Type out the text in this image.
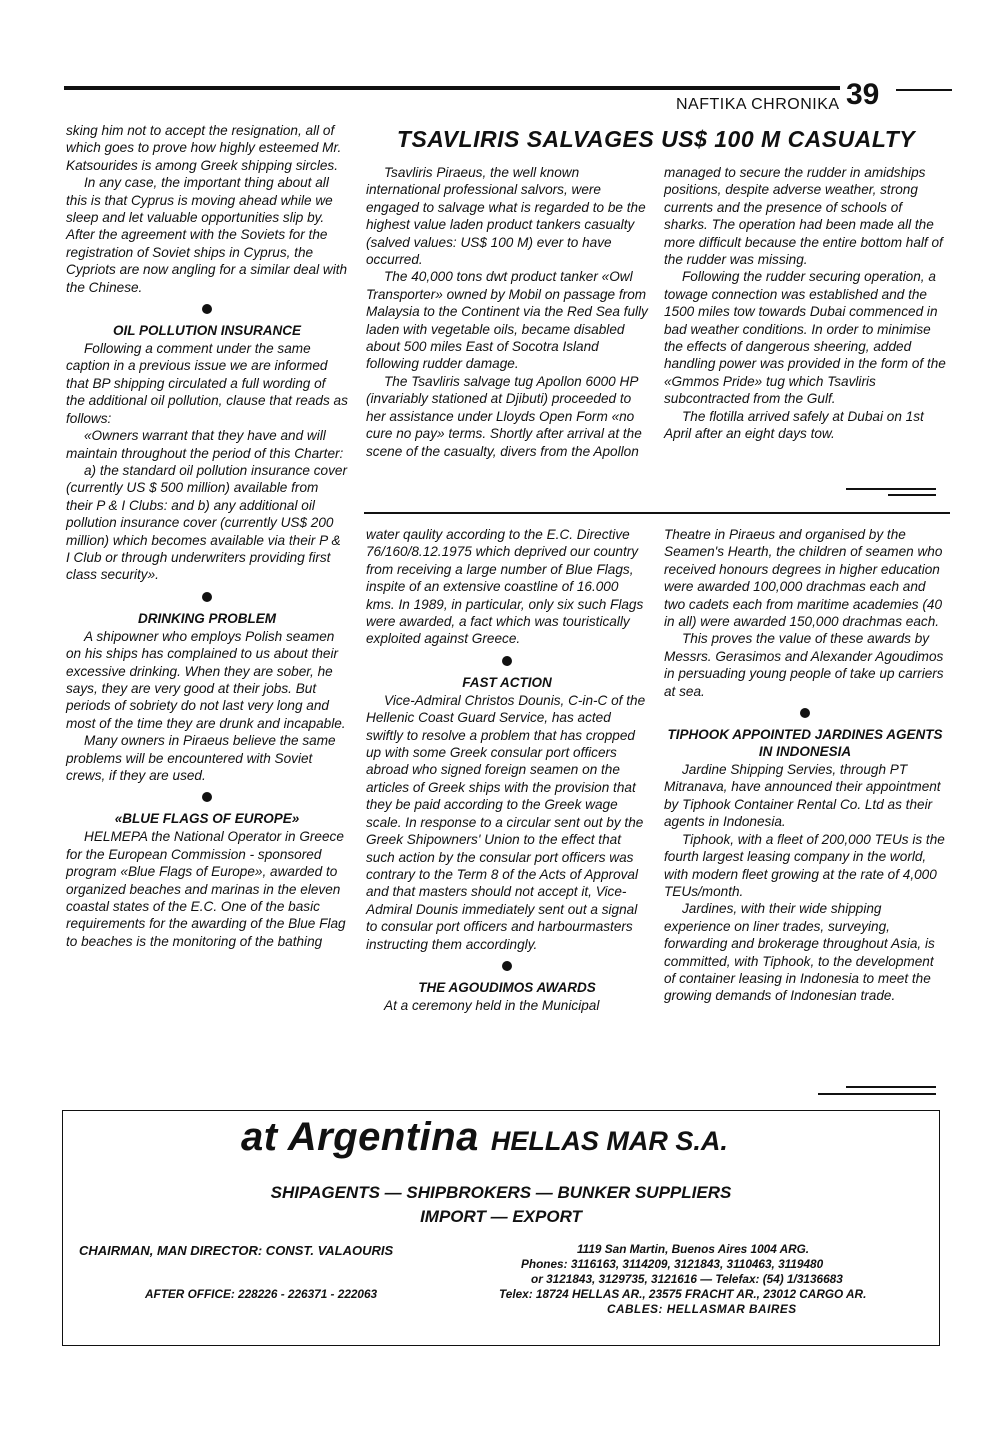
NAFTIKA CHRONIKA 39
TSAVLIRIS SALVAGES US$ 100 M CASUALTY

sking him not to accept the resignation, all of which goes to prove how highly esteemed Mr. Katsourides is among Greek shipping sircles.

In any case, the important thing about all this is that Cyprus is moving ahead while we sleep and let valuable opportunities slip by. After the agreement with the Soviets for the registration of Soviet ships in Cyprus, the Cypriots are now angling for a similar deal with the Chinese.

OIL POLLUTION INSURANCE

Following a comment under the same caption in a previous issue we are informed that BP shipping circulated a full wording of the additional oil pollution, clause that reads as follows:

«Owners warrant that they have and will maintain throughout the period of this Charter:

a) the standard oil pollution insurance cover (currently US $ 500 million) available from their P & I Clubs: and b) any additional oil pollution insurance cover (currently US$ 200 million) which becomes available via their P & I Club or through underwriters providing first class security».

DRINKING PROBLEM

A shipowner who employs Polish seamen on his ships has complained to us about their excessive drinking. When they are sober, he says, they are very good at their jobs. But periods of sobriety do not last very long and most of the time they are drunk and incapable.

Many owners in Piraeus believe the same problems will be encountered with Soviet crews, if they are used.

«BLUE FLAGS OF EUROPE»

HELMEPA the National Operator in Greece for the European Commission - sponsored program «Blue Flags of Europe», awarded to organized beaches and marinas in the eleven coastal states of the E.C. One of the basic requirements for the awarding of the Blue Flag to beaches is the monitoring of the bathing

Tsavliris Piraeus, the well known international professional salvors, were engaged to salvage what is regarded to be the highest value laden product tankers casualty (salved values: US$ 100 M) ever to have occurred.

The 40,000 tons dwt product tanker «Owl Transporter» owned by Mobil on passage from Malaysia to the Continent via the Red Sea fully laden with vegetable oils, became disabled about 500 miles East of Socotra Island following rudder damage.

The Tsavliris salvage tug Apollon 6000 HP (invariably stationed at Djibuti) proceeded to her assistance under Lloyds Open Form «no cure no pay» terms. Shortly after arrival at the scene of the casualty, divers from the Apollon

managed to secure the rudder in amidships positions, despite adverse weather, strong currents and the presence of schools of sharks. The operation had been made all the more difficult because the entire bottom half of the rudder was missing.

Following the rudder securing operation, a towage connection was established and the 1500 miles tow towards Dubai commenced in bad weather conditions. In order to minimise the effects of dangerous sheering, added handling power was provided in the form of the «Gmmos Pride» tug which Tsavliris subcontracted from the Gulf.

The flotilla arrived safely at Dubai on 1st April after an eight days tow.

water qaulity according to the E.C. Directive 76/160/8.12.1975 which deprived our country from receiving a large number of Blue Flags, inspite of an extensive coastline of 16.000 kms. In 1989, in particular, only six such Flags were awarded, a fact which was touristically exploited against Greece.

FAST ACTION

Vice-Admiral Christos Dounis, C-in-C of the Hellenic Coast Guard Service, has acted swiftly to resolve a problem that has cropped up with some Greek consular port officers abroad who signed foreign seamen on the articles of Greek ships with the provision that they be paid according to the Greek wage scale. In response to a circular sent out by the Greek Shipowners' Union to the effect that such action by the consular port officers was contrary to the Term 8 of the Acts of Approval and that masters should not accept it, Vice-Admiral Dounis immediately sent out a signal to consular port officers and harbourmasters instructing them accordingly.

THE AGOUDIMOS AWARDS

At a ceremony held in the Municipal

Theatre in Piraeus and organised by the Seamen's Hearth, the children of seamen who received honours degrees in higher education were awarded 100,000 drachmas each and two cadets each from maritime academies (40 in all) were awarded 150,000 drachmas each.

This proves the value of these awards by Messrs. Gerasimos and Alexander Agoudimos in persuading young people of take up carriers at sea.

TIPHOOK APPOINTED JARDINES AGENTS IN INDONESIA

Jardine Shipping Servies, through PT Mitranava, have announced their appointment by Tiphook Container Rental Co. Ltd as their agents in Indonesia.

Tiphook, with a fleet of 200,000 TEUs is the fourth largest leasing company in the world, with modern fleet growing at the rate of 4,000 TEUs/month.

Jardines, with their wide shipping experience on liner trades, surveying, forwarding and brokerage throughout Asia, is committed, with Tiphook, to the development of container leasing in Indonesia to meet the growing demands of Indonesian trade.

at Argentina HELLAS MAR S.A.
SHIPAGENTS — SHIPBROKERS — BUNKER SUPPLIERS
IMPORT — EXPORT
CHAIRMAN, MAN DIRECTOR: CONST. VALAOURIS
AFTER OFFICE: 228226 - 226371 - 222063
1119 San Martin, Buenos Aires 1004 ARG.
Phones: 3116163, 3114209, 3121843, 3110463, 3119480
or 3121843, 3129735, 3121616 — Telefax: (54) 1/3136683
Telex: 18724 HELLAS AR., 23575 FRACHT AR., 23012 CARGO AR.
CABLES: HELLASMAR BAIRES
